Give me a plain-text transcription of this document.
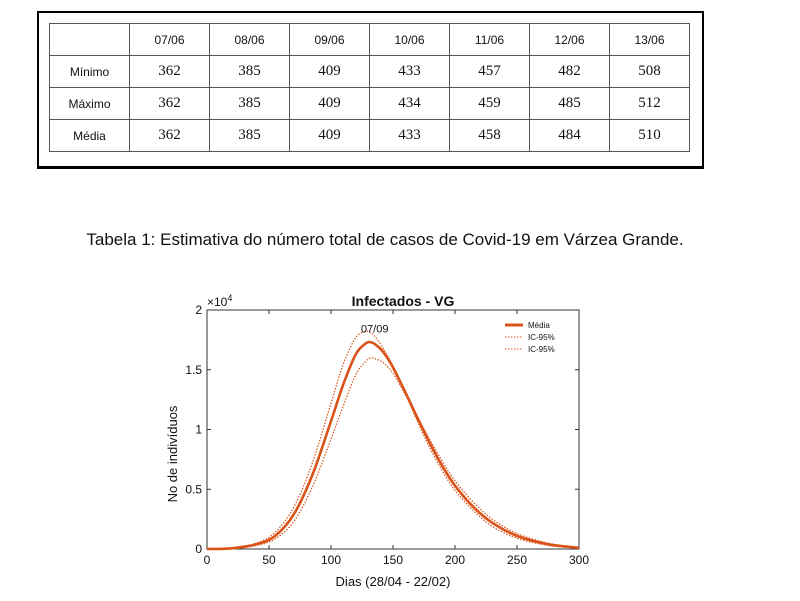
	07/06	08/06	09/06	10/06	11/06	12/06	13/06
Mínimo	362	385	409	433	457	482	508
Máximo	362	385	409	434	459	485	512
Média	362	385	409	433	458	484	510
Tabela 1: Estimativa do número total de casos de Covid-19 em Várzea Grande.
Infectados - VG
$\times 10^4$
Dias (28/04 - 22/02)
No de indivíduos
0	50	100	150	200	250	300
0
0.5
1
1.5
2
07/09	Média
IC-95%
IC-95%
